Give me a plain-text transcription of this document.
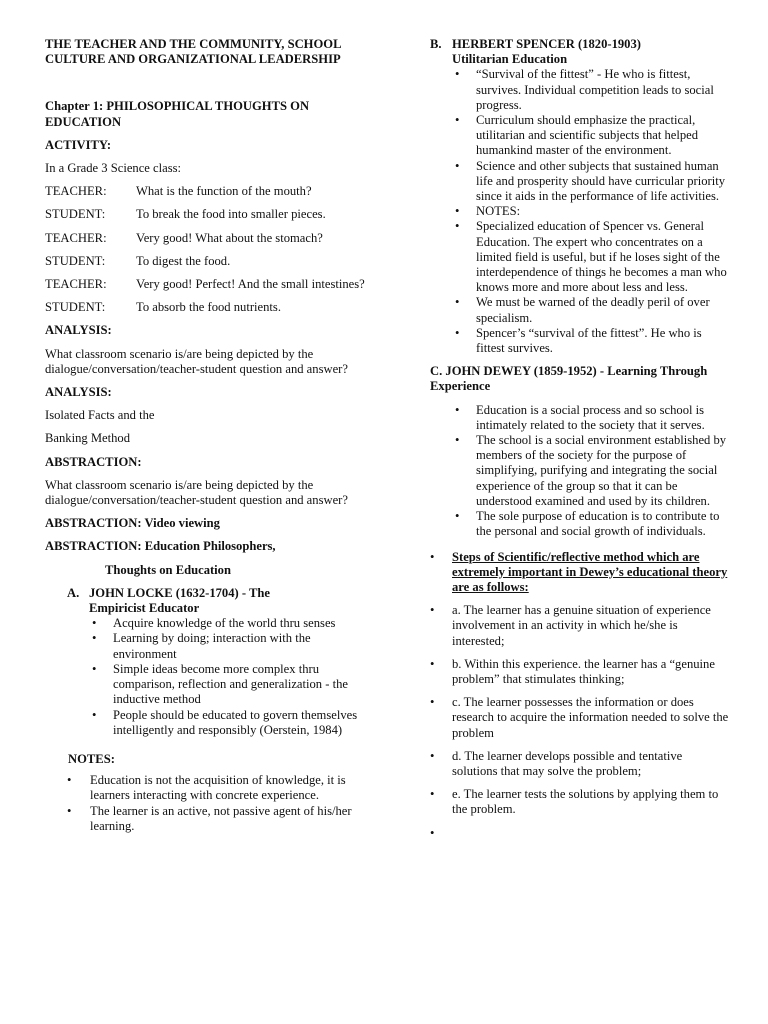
THE TEACHER AND THE COMMUNITY, SCHOOL CULTURE AND ORGANIZATIONAL LEADERSHIP
Chapter 1: PHILOSOPHICAL THOUGHTS ON EDUCATION
ACTIVITY:
In a Grade 3 Science class:
TEACHER:	What is the function of the mouth?
STUDENT: To break the food into smaller pieces.
TEACHER: Very good! What about the stomach?
STUDENT:	To digest the food.
TEACHER: Very good! Perfect! And the small intestines?
STUDENT:	To absorb the food nutrients.
ANALYSIS:
What classroom scenario is/are being depicted by the dialogue/conversation/teacher-student question and answer?
ANALYSIS:
Isolated Facts and the
Banking Method
ABSTRACTION:
What classroom scenario is/are being depicted by the dialogue/conversation/teacher-student question and answer?
ABSTRACTION: Video viewing
ABSTRACTION: Education Philosophers,
Thoughts on Education
A. JOHN LOCKE (1632-1704) - The Empiricist Educator
• Acquire knowledge of the world thru senses
• Learning by doing; interaction with the environment
• Simple ideas become more complex thru comparison, reflection and generalization - the inductive method
• People should be educated to govern themselves intelligently and responsibly (Oerstein, 1984)
NOTES:
• Education is not the acquisition of knowledge, it is learners interacting with concrete experience.
• The learner is an active, not passive agent of his/her learning.
B. HERBERT SPENCER (1820-1903)
Utilitarian Education
• “Survival of the fittest” - He who is fittest, survives. Individual competition leads to social progress.
• Curriculum should emphasize the practical, utilitarian and scientific subjects that helped humankind master of the environment.
• Science and other subjects that sustained human life and prosperity should have curricular priority since it aids in the performance of life activities.
• NOTES:
• Specialized education of Spencer vs. General Education. The expert who concentrates on a limited field is useful, but if he loses sight of the interdependence of things he becomes a man who knows more and more about less and less.
• We must be warned of the deadly peril of over specialism.
• Spencer’s “survival of the fittest”. He who is fittest survives.
C. JOHN DEWEY (1859-1952) - Learning Through Experience
• Education is a social process and so school is intimately related to the society that it serves.
• The school is a social environment established by members of the society for the purpose of simplifying, purifying and integrating the social experience of the group so that it can be understood examined and used by its children.
• The sole purpose of education is to contribute to the personal and social growth of individuals.
• Steps of Scientific/reflective method which are extremely important in Dewey’s educational theory are as follows:
• a. The learner has a genuine situation of experience involvement in an activity in which he/she is interested;
• b. Within this experience. the learner has a “genuine problem” that stimulates thinking;
• c. The learner possesses the information or does research to acquire the information needed to solve the problem
• d. The learner develops possible and tentative solutions that may solve the problem;
• e. The learner tests the solutions by applying them to the problem.
•
